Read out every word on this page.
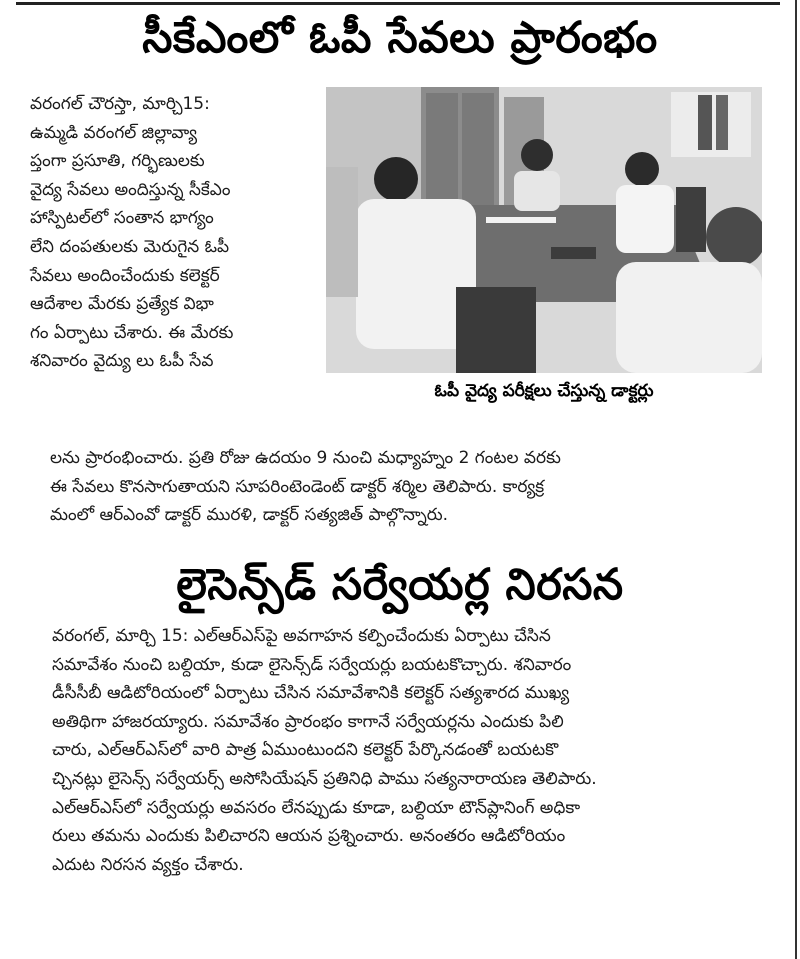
సీకేఎంలో ఓపీ సేవలు ప్రారంభం
వరంగల్ చౌరస్తా, మార్చి15:
ఉమ్మడి వరంగల్ జిల్లావ్యా
ప్తంగా ప్రసూతి, గర్భిణులకు
వైద్య సేవలు అందిస్తున్న సీకేఎం
హాస్పిటల్‌లో సంతాన భాగ్యం
లేని దంపతులకు మెరుగైన ఓపీ
సేవలు అందించేందుకు కలెక్టర్
ఆదేశాల మేరకు ప్రత్యేక విభా
గం ఏర్పాటు చేశారు. ఈ మేరకు
శనివారం వైద్యు లు ఓపీ సేవ

ఓపీ వైద్య పరీక్షలు చేస్తున్న డాక్టర్లు

లను ప్రారంభించారు. ప్రతి రోజు ఉదయం 9 నుంచి మధ్యాహ్నం 2 గంటల వరకు
ఈ సేవలు కొనసాగుతాయని సూపరింటెండెంట్ డాక్టర్ శర్మిల తెలిపారు. కార్యక్ర
మంలో ఆర్‌ఎంవో డాక్టర్ మురళి, డాక్టర్ సత్యజిత్ పాల్గొన్నారు.
లైసెన్స్‌డ్ సర్వేయర్ల నిరసన
వరంగల్, మార్చి 15: ఎల్‌ఆర్‌ఎస్‌పై అవగాహన కల్పించేందుకు ఏర్పాటు చేసిన
సమావేశం నుంచి బల్దియా, కుడా లైసెన్స్‌డ్ సర్వేయర్లు బయటకొచ్చారు. శనివారం
డీసీసీబీ ఆడిటోరియంలో ఏర్పాటు చేసిన సమావేశానికి కలెక్టర్ సత్యశారద ముఖ్య
అతిథిగా హాజరయ్యారు. సమావేశం ప్రారంభం కాగానే సర్వేయర్లను ఎందుకు పిలి
చారు, ఎల్‌ఆర్‌ఎస్‌లో వారి పాత్ర ఏముంటుందని కలెక్టర్ పేర్కొనడంతో బయటకొ
చ్చినట్లు లైసెన్స్ సర్వేయర్స్ అసోసియేషన్ ప్రతినిధి పాము సత్యనారాయణ తెలిపారు.
ఎల్‌ఆర్‌ఎస్‌లో సర్వేయర్లు అవసరం లేనప్పుడు కూడా, బల్దియా టౌన్‌ప్లానింగ్ అధికా
రులు తమను ఎందుకు పిలిచారని ఆయన ప్రశ్నించారు. అనంతరం ఆడిటోరియం
ఎదుట నిరసన వ్యక్తం చేశారు.
